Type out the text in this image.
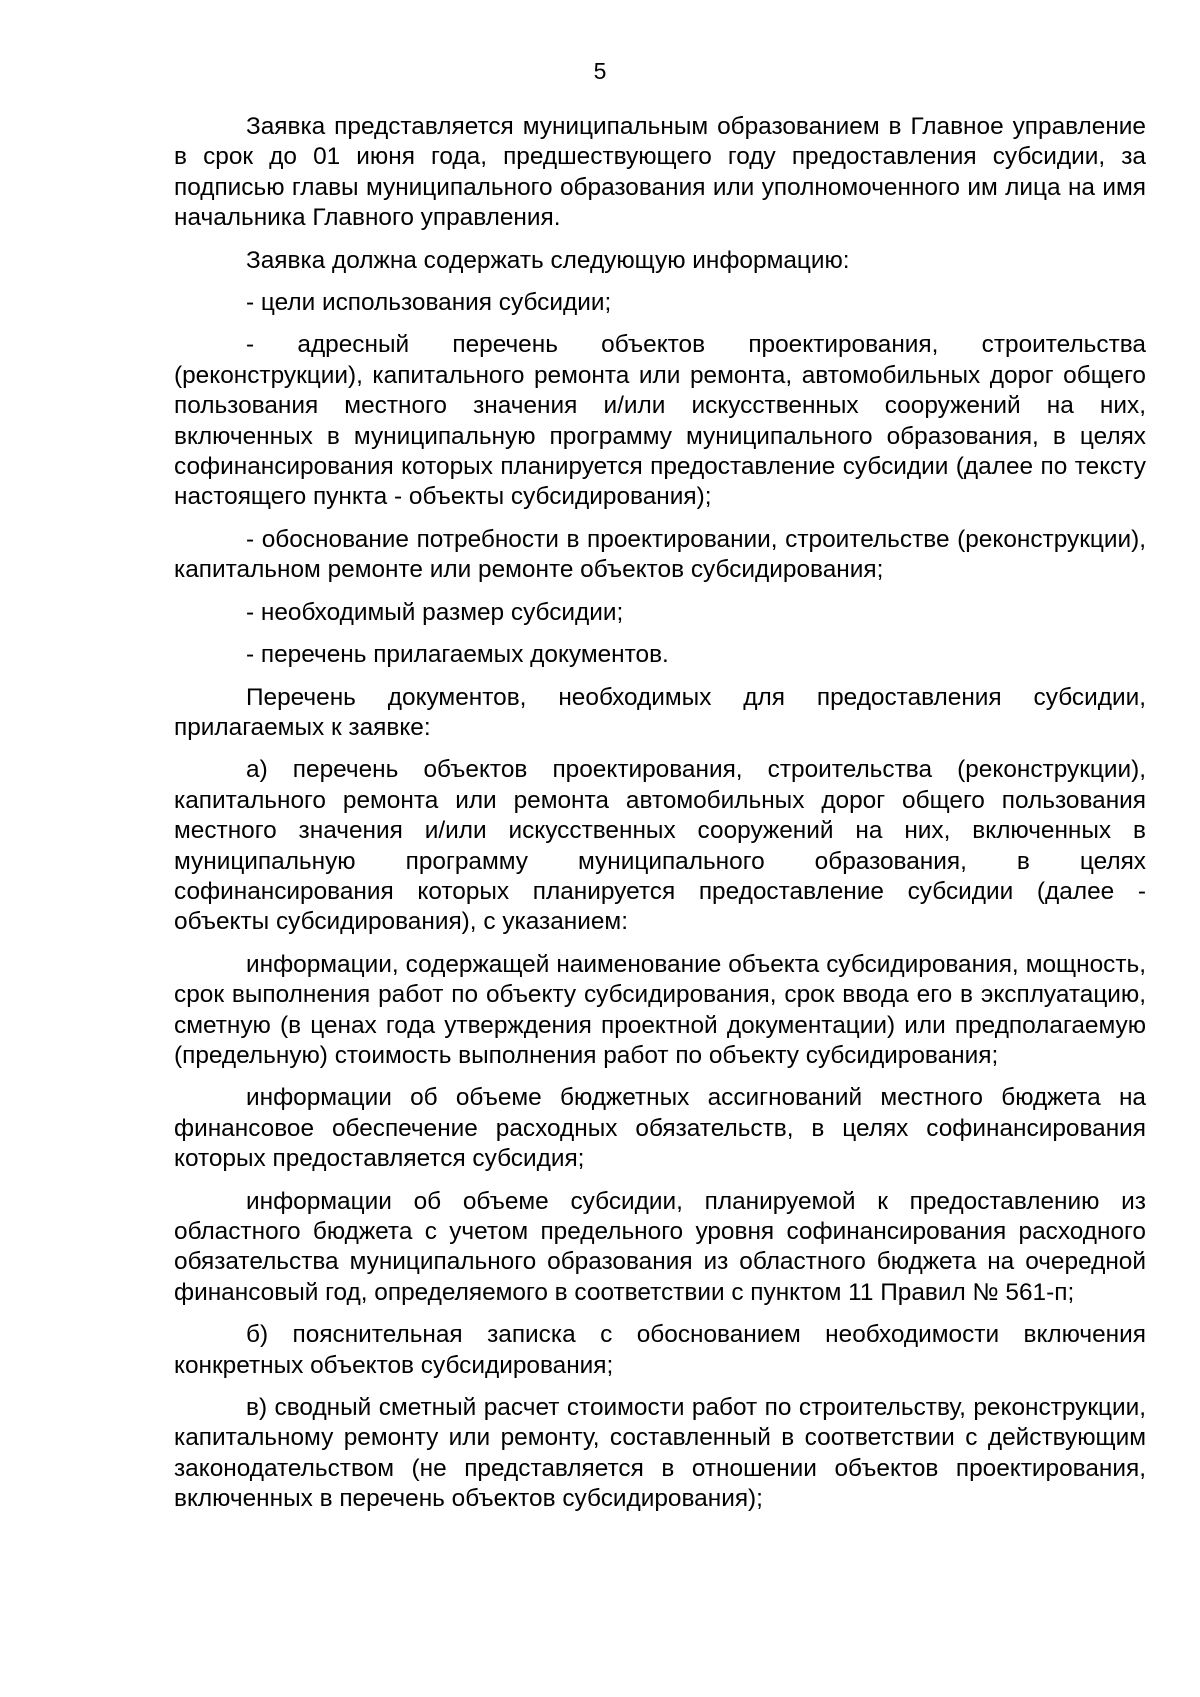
5

Заявка представляется муниципальным образованием в Главное управление в срок до 01 июня года, предшествующего году предоставления субсидии, за подписью главы муниципального образования или уполномоченного им лица на имя начальника Главного управления.

Заявка должна содержать следующую информацию:

- цели использования субсидии;

- адресный перечень объектов проектирования, строительства (реконструкции), капитального ремонта или ремонта, автомобильных дорог общего пользования местного значения и/или искусственных сооружений на них, включенных в муниципальную программу муниципального образования, в целях софинансирования которых планируется предоставление субсидии (далее по тексту настоящего пункта - объекты субсидирования);

- обоснование потребности в проектировании, строительстве (реконструкции), капитальном ремонте или ремонте объектов субсидирования;

- необходимый размер субсидии;

- перечень прилагаемых документов.

Перечень документов, необходимых для предоставления субсидии, прилагаемых к заявке:

а) перечень объектов проектирования, строительства (реконструкции), капитального ремонта или ремонта автомобильных дорог общего пользования местного значения и/или искусственных сооружений на них, включенных в муниципальную программу муниципального образования, в целях софинансирования которых планируется предоставление субсидии (далее - объекты субсидирования), с указанием:

информации, содержащей наименование объекта субсидирования, мощность, срок выполнения работ по объекту субсидирования, срок ввода его в эксплуатацию, сметную (в ценах года утверждения проектной документации) или предполагаемую (предельную) стоимость выполнения работ по объекту субсидирования;

информации об объеме бюджетных ассигнований местного бюджета на финансовое обеспечение расходных обязательств, в целях софинансирования которых предоставляется субсидия;

информации об объеме субсидии, планируемой к предоставлению из областного бюджета с учетом предельного уровня софинансирования расходного обязательства муниципального образования из областного бюджета на очередной финансовый год, определяемого в соответствии с пунктом 11 Правил № 561-п;

б) пояснительная записка с обоснованием необходимости включения конкретных объектов субсидирования;

в) сводный сметный расчет стоимости работ по строительству, реконструкции, капитальному ремонту или ремонту, составленный в соответствии с действующим законодательством (не представляется в отношении объектов проектирования, включенных в перечень объектов субсидирования);
